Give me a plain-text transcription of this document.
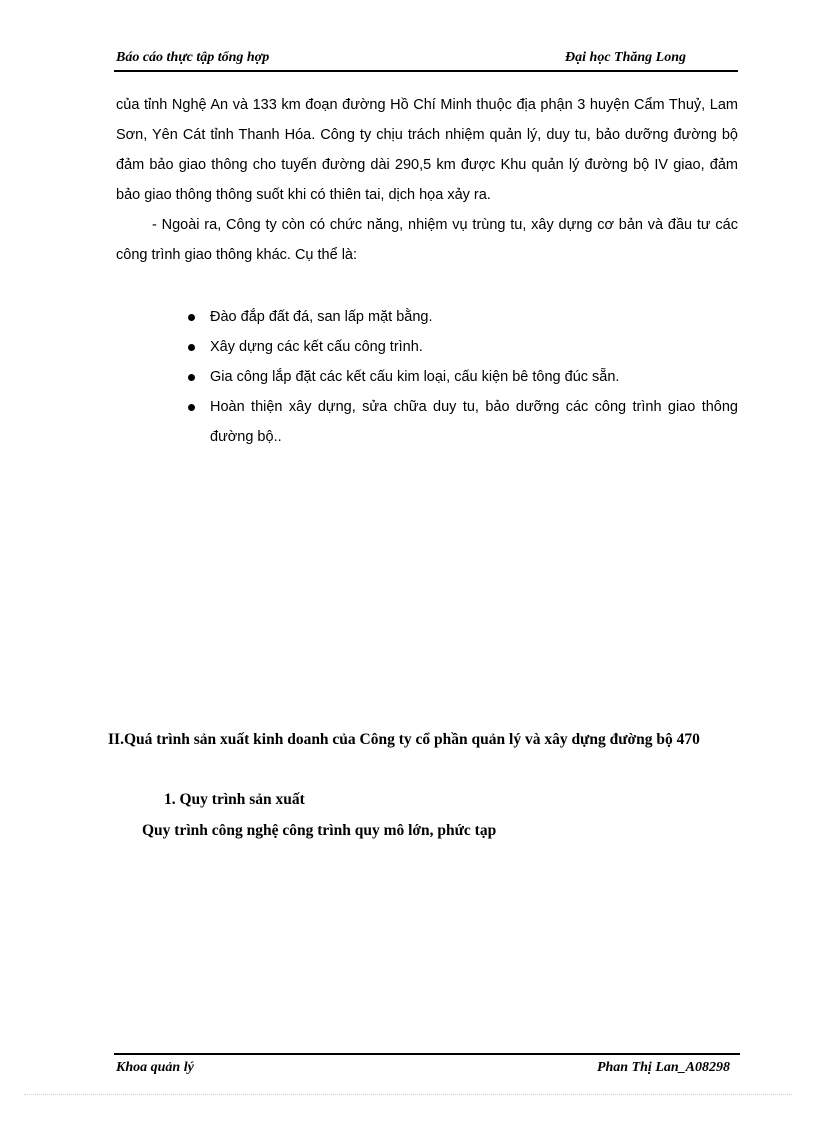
Báo cáo thực tập tổng hợp	Đại học Thăng Long

của tỉnh Nghệ An và 133 km đoạn đường Hồ Chí Minh thuộc địa phận 3 huyện Cẩm Thuỷ, Lam Sơn, Yên Cát tỉnh Thanh Hóa. Công ty chịu trách nhiệm quản lý, duy tu, bảo dưỡng đường bộ đảm bảo giao thông cho tuyến đường dài 290,5 km được Khu quản lý đường bộ IV giao, đảm bảo giao thông thông suốt khi có thiên tai, dịch họa xảy ra.

- Ngoài ra, Công ty còn có chức năng, nhiệm vụ trùng tu, xây dựng cơ bản và đầu tư các công trình giao thông khác. Cụ thể là:

Đào đắp đất đá, san lấp mặt bằng.

Xây dựng các kết cấu công trình.

Gia công lắp đặt các kết cấu kim loại, cấu kiện bê tông đúc sẵn.

Hoàn thiện xây dựng, sửa chữa duy tu, bảo dưỡng các công trình giao thông đường bộ..

II.Quá trình sản xuất kinh doanh của Công ty cổ phần quản lý và xây dựng đường bộ 470

1. Quy trình sản xuất
Quy trình công nghệ công trình quy mô lớn, phức tạp
Khoa quản lý	Phan Thị Lan_A08298
